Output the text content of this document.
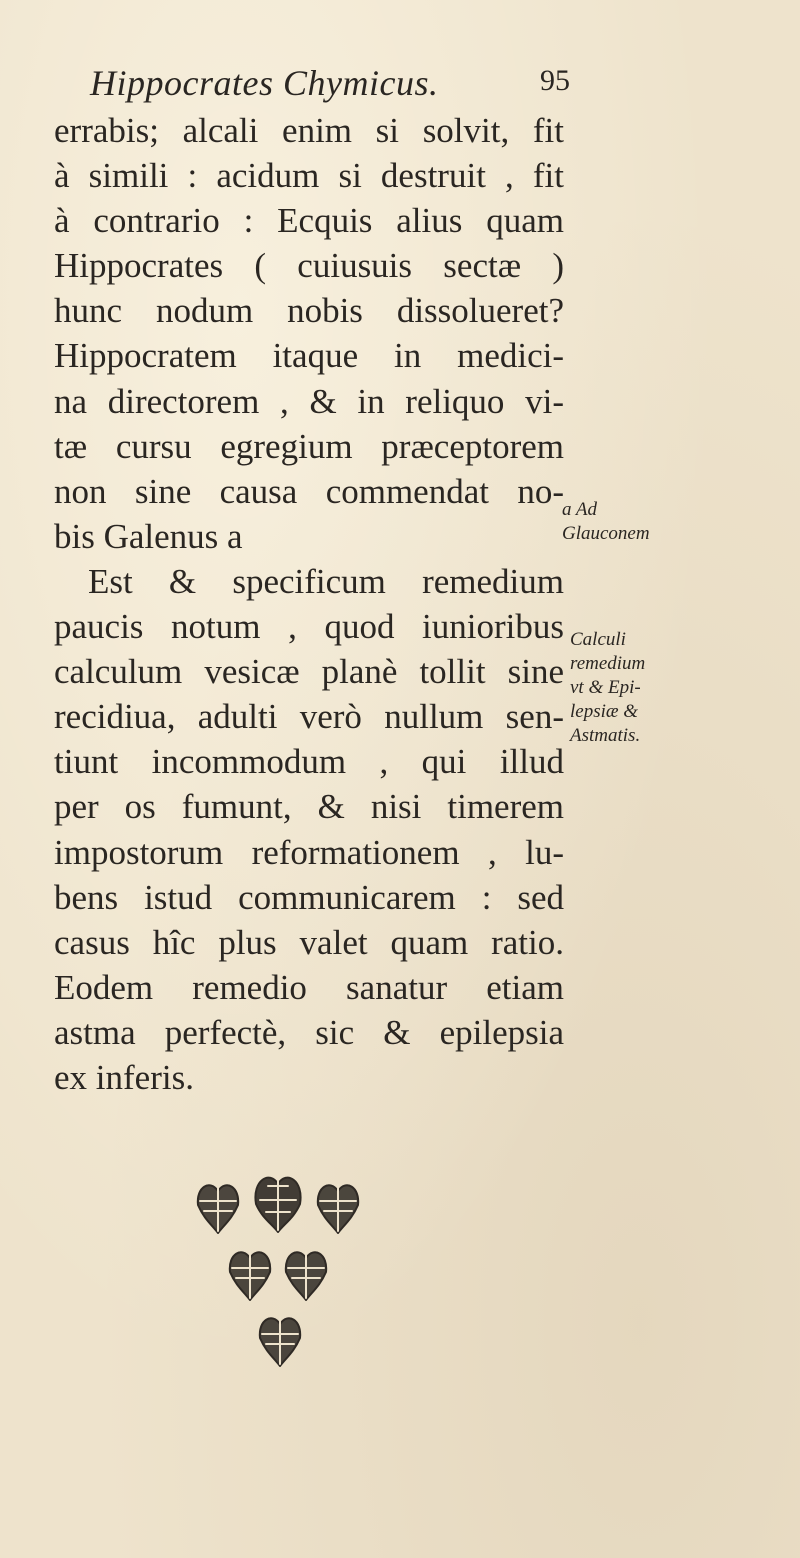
Hippocrates Chymicus.	95
errabis; alcali enim si solvit, fit
à simili : acidum si destruit , fit
à contrario : Ecquis alius quam
Hippocrates ( cuiusuis sectæ )
hunc nodum nobis dissolueret?
Hippocratem itaque in medici-
na directorem , & in reliquo vi-
tæ cursu egregium præceptorem
non sine causa commendat no-
bis Galenus a
Est & specificum remedium
paucis notum , quod iunioribus
calculum vesicæ planè tollit sine
recidiua, adulti verò nullum sen-
tiunt incommodum , qui illud
per os fumunt, & nisi timerem
impostorum reformationem , lu-
bens istud communicarem : sed
casus hîc plus valet quam ratio.
Eodem remedio sanatur etiam
astma perfectè, sic & epilepsia
ex inferis.
a Ad
Glauconem
Calculi
remedium
vt & Epi-
lepsiæ &
Astmatis.
